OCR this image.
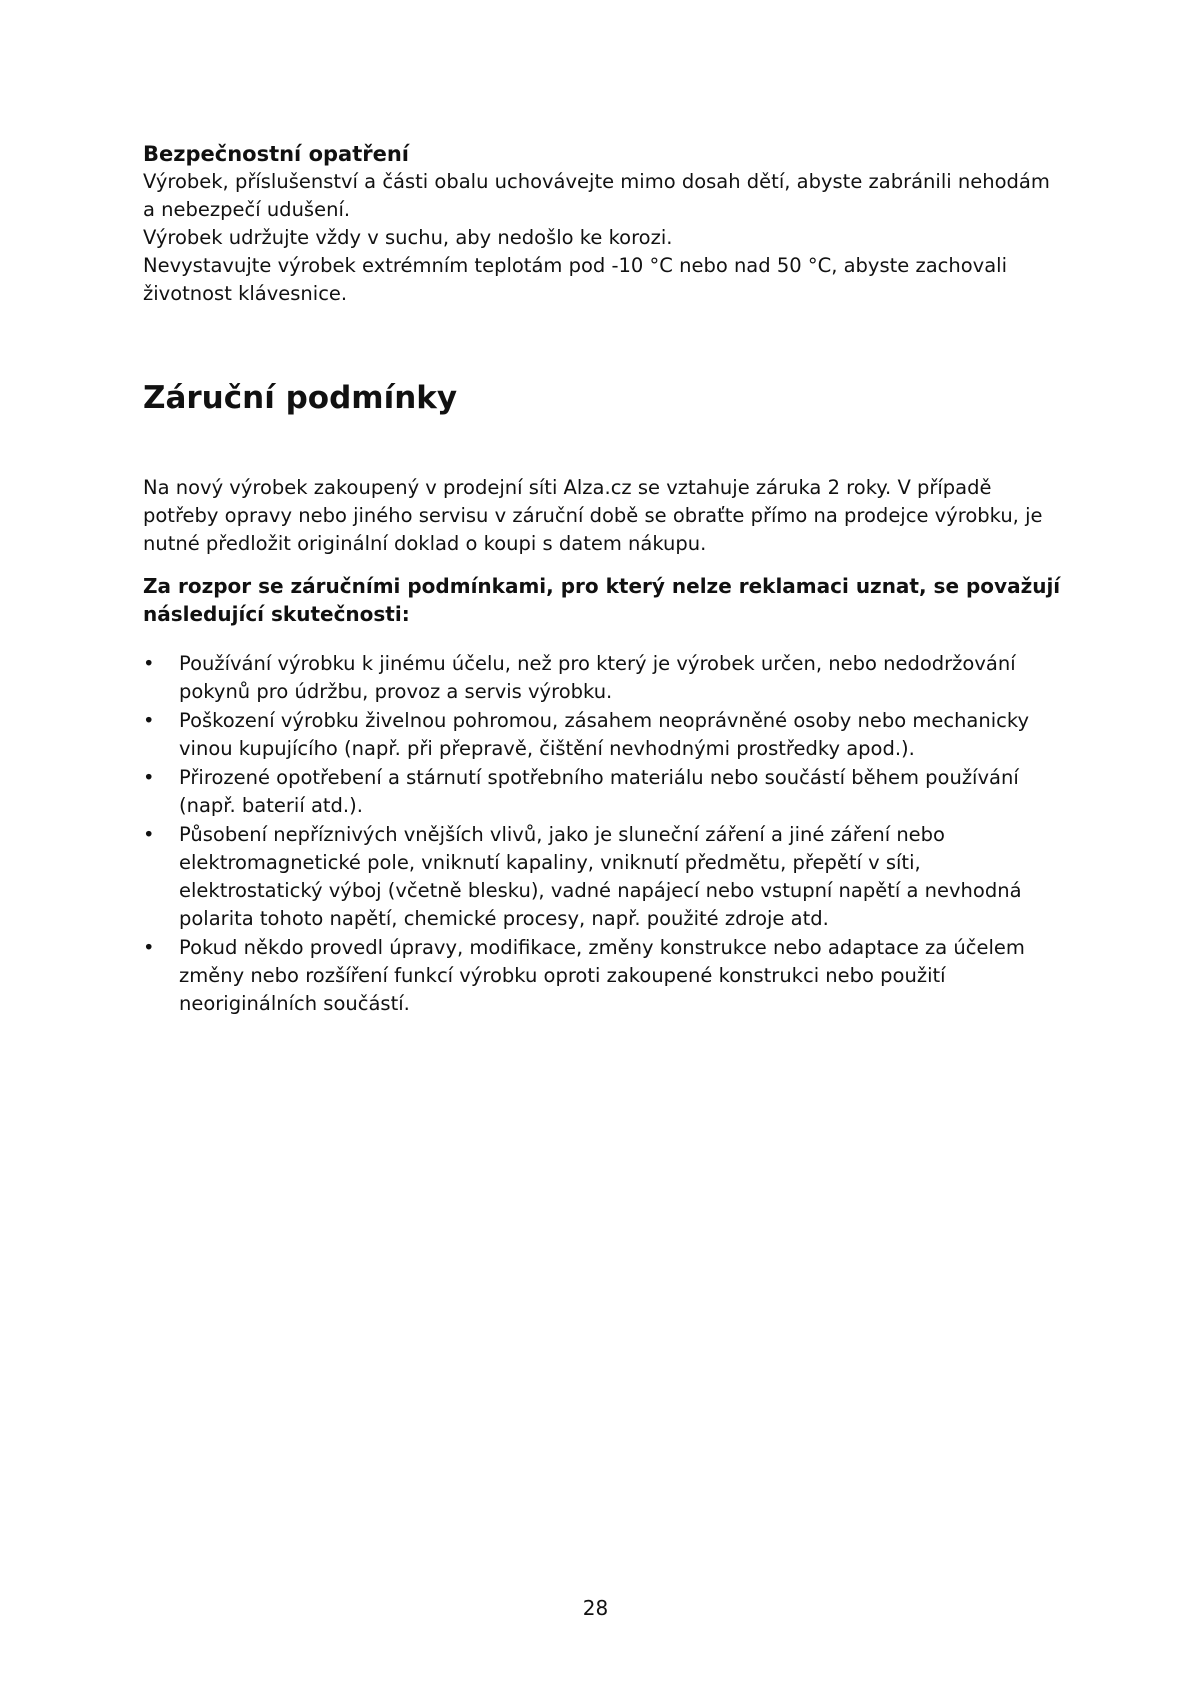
Bezpečnostní opatření

Výrobek, příslušenství a části obalu uchovávejte mimo dosah dětí, abyste zabránili nehodám a nebezpečí udušení.

Výrobek udržujte vždy v suchu, aby nedošlo ke korozi.

Nevystavujte výrobek extrémním teplotám pod -10 °C nebo nad 50 °C, abyste zachovali životnost klávesnice.

Záruční podmínky

Na nový výrobek zakoupený v prodejní síti Alza.cz se vztahuje záruka 2 roky. V případě potřeby opravy nebo jiného servisu v záruční době se obraťte přímo na prodejce výrobku, je nutné předložit originální doklad o koupi s datem nákupu.

Za rozpor se záručními podmínkami, pro který nelze reklamaci uznat, se považují následující skutečnosti:

•	Používání výrobku k jinému účelu, než pro který je výrobek určen, nebo nedodržování pokynů pro údržbu, provoz a servis výrobku.
•	Poškození výrobku živelnou pohromou, zásahem neoprávněné osoby nebo mechanicky vinou kupujícího (např. při přepravě, čištění nevhodnými prostředky apod.).
•	Přirozené opotřebení a stárnutí spotřebního materiálu nebo součástí během používání (např. baterií atd.).
•	Působení nepříznivých vnějších vlivů, jako je sluneční záření a jiné záření nebo elektromagnetické pole, vniknutí kapaliny, vniknutí předmětu, přepětí v síti, elektrostatický výboj (včetně blesku), vadné napájecí nebo vstupní napětí a nevhodná polarita tohoto napětí, chemické procesy, např. použité zdroje atd.
•	Pokud někdo provedl úpravy, modifikace, změny konstrukce nebo adaptace za účelem změny nebo rozšíření funkcí výrobku oproti zakoupené konstrukci nebo použití neoriginálních součástí.
28
